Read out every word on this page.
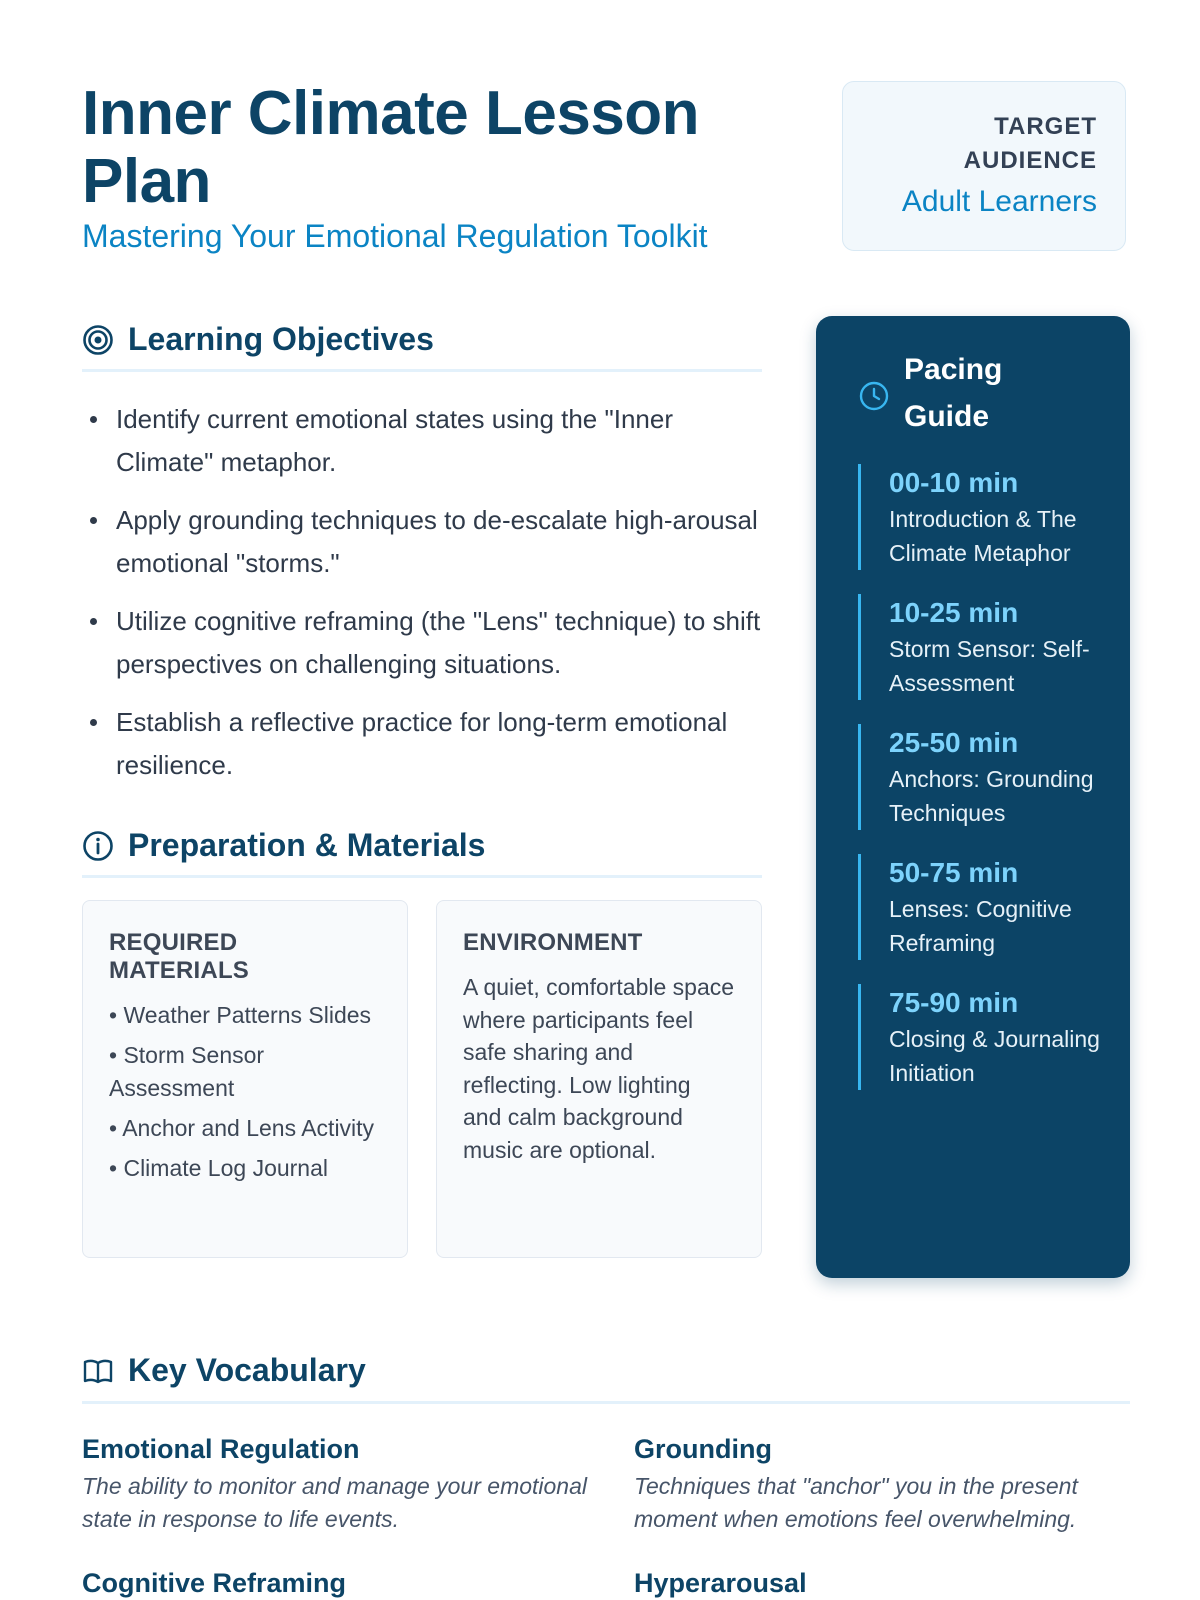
Inner Climate Lesson Plan
Mastering Your Emotional Regulation Toolkit
TARGET
AUDIENCE
Adult Learners
Learning Objectives
Identify current emotional states using the "Inner Climate" metaphor.
Apply grounding techniques to de-escalate high-arousal emotional "storms."
Utilize cognitive reframing (the "Lens" technique) to shift perspectives on challenging situations.
Establish a reflective practice for long-term emotional resilience.
Preparation & Materials
REQUIRED MATERIALS
• Weather Patterns Slides
• Storm Sensor Assessment
• Anchor and Lens Activity
• Climate Log Journal
ENVIRONMENT

A quiet, comfortable space where participants feel safe sharing and reflecting. Low lighting and calm background music are optional.

Pacing Guide
00-10 min
Introduction & The Climate Metaphor
10-25 min
Storm Sensor: Self-Assessment
25-50 min
Anchors: Grounding Techniques
50-75 min
Lenses: Cognitive Reframing
75-90 min
Closing & Journaling Initiation
Key Vocabulary
Emotional Regulation
The ability to monitor and manage your emotional state in response to life events.
Grounding
Techniques that "anchor" you in the present moment when emotions feel overwhelming.
Cognitive Reframing	Hyperarousal
